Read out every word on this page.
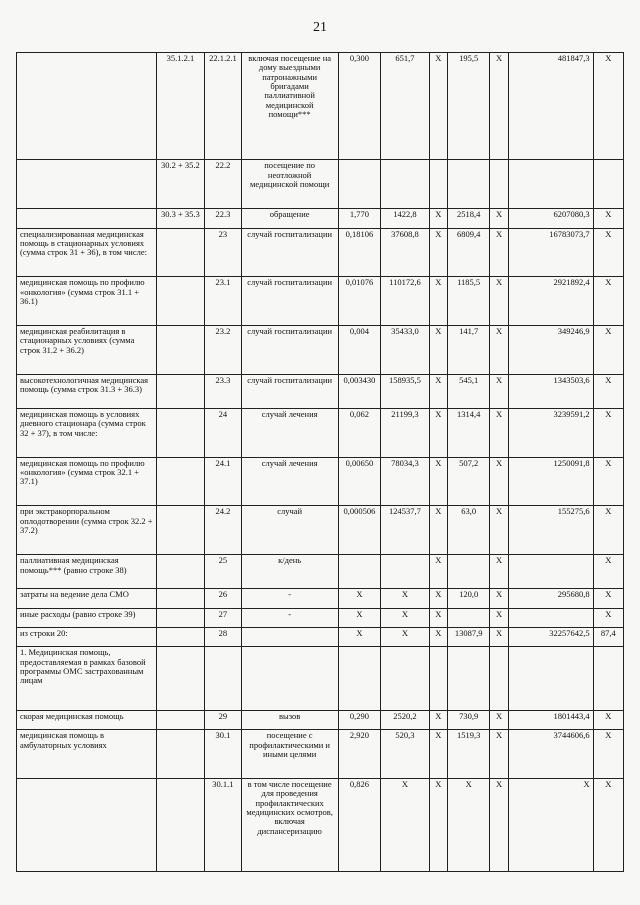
21
	35.1.2.1	22.1.2.1	включая посещение на дому выездными патронажными бригадами паллиативной медицинской помощи***	0,300	651,7	X	195,5	X	481847,3	X
	30.2 + 35.2	22.2	посещение по неотложной медицинской помощи							
	30.3 + 35.3	22.3	обращение	1,770	1422,8	X	2518,4	X	6207080,3	X
специализированная медицинская помощь в стационарных условиях (сумма строк 31 + 36), в том числе:		23	случай госпитализации	0,18106	37608,8	X	6809,4	X	16783073,7	X
медицинская помощь по профилю «онкология» (сумма строк 31.1 + 36.1)		23.1	случай госпитализации	0,01076	110172,6	X	1185,5	X	2921892,4	X
медицинская реабилитация в стационарных условиях (сумма строк 31.2 + 36.2)		23.2	случай госпитализации	0,004	35433,0	X	141,7	X	349246,9	X
высокотехнологичная медицинская помощь (сумма строк 31.3 + 36.3)		23.3	случай госпитализации	0,003430	158935,5	X	545,1	X	1343503,6	X
медицинская помощь в условиях дневного стационара (сумма строк 32 + 37), в том числе:		24	случай лечения	0,062	21199,3	X	1314,4	X	3239591,2	X
медицинская помощь по профилю «онкология» (сумма строк 32.1 + 37.1)		24.1	случай лечения	0,00650	78034,3	X	507,2	X	1250091,8	X
при экстракорпоральном оплодотворении (сумма строк 32.2 + 37.2)		24.2	случай	0,000506	124537,7	X	63,0	X	155275,6	X
паллиативная медицинская помощь*** (равно строке 38)		25	к/день			X		X		X
затраты на ведение дела СМО		26	-	X	X	X	120,0	X	295680,8	X
иные расходы (равно строке 39)		27	-	X	X	X		X		X
из строки 20:		28		X	X	X	13087,9	X	32257642,5	87,4
1. Медицинская помощь, предоставляемая в рамках базовой программы ОМС застрахованным лицам										
скорая медицинская помощь		29	вызов	0,290	2520,2	X	730,9	X	1801443,4	X
медицинская помощь в амбулаторных условиях		30.1	посещение с профилактическими и иными целями	2,920	520,3	X	1519,3	X	3744606,6	X
		30.1.1	в том числе посещение для проведения профилактических медицинских осмотров, включая диспансеризацию	0,826	X	X	X	X	X	X
